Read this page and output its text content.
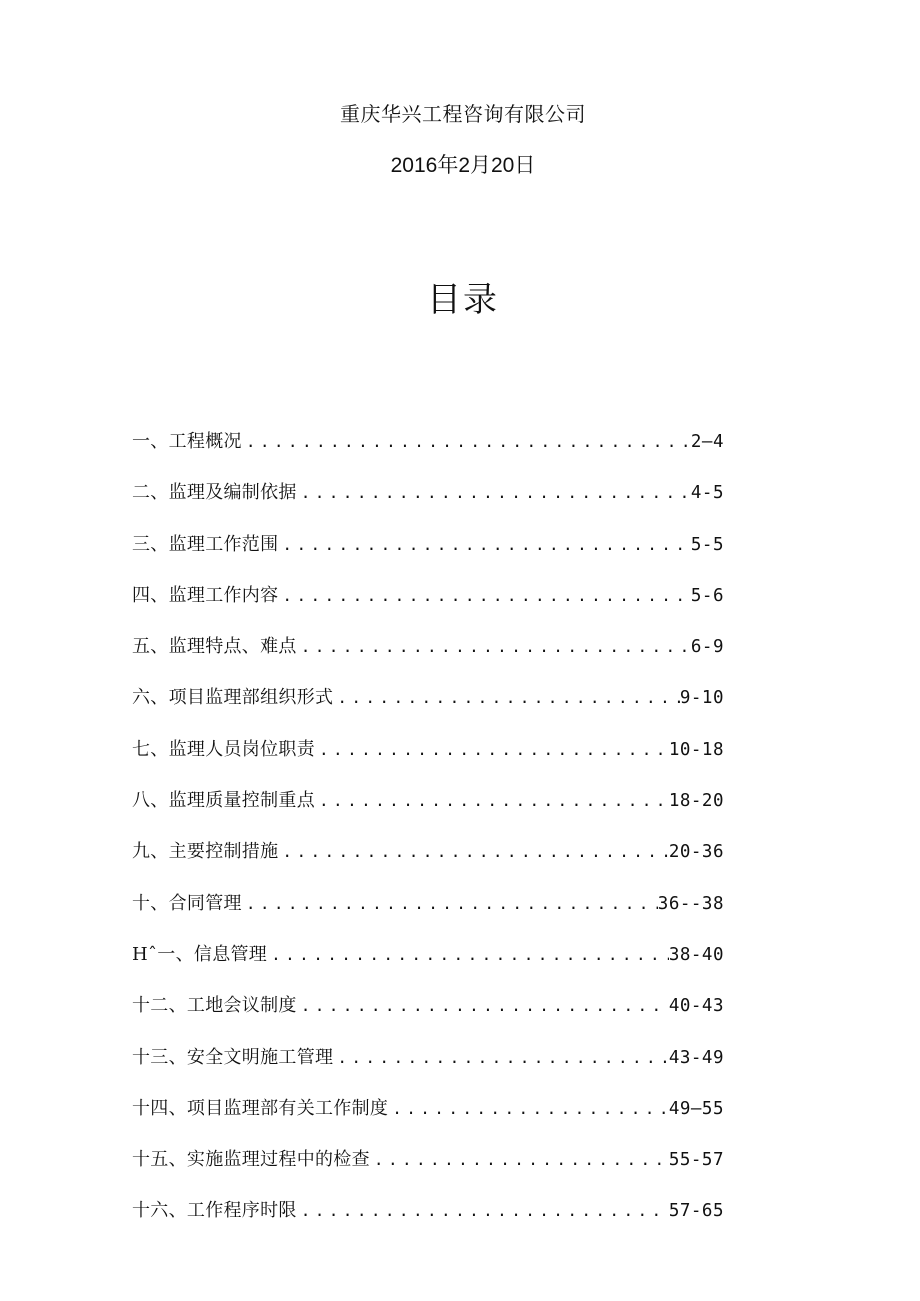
重庆华兴工程咨询有限公司
2016年2月20日
目录
一、工程概况 .....	2—4
二、监理及编制依据 .....	4-5
三、监理工作范围 .....	5-5
四、监理工作内容 .....	5-6
五、监理特点、难点 .....	6-9
六、项目监理部组织形式 .....	9-10
七、监理人员岗位职责 .....	10-18
八、监理质量控制重点 .....	18-20
九、主要控制措施 .....	20-36
十、合同管理 .....	36--38
Hˆ一、信息管理 .....	38-40
十二、工地会议制度 .....	40-43
十三、安全文明施工管理 .....	43-49
十四、项目监理部有关工作制度 .....	49—55
十五、实施监理过程中的检查 .....	55-57
十六、工作程序时限 .....	57-65
